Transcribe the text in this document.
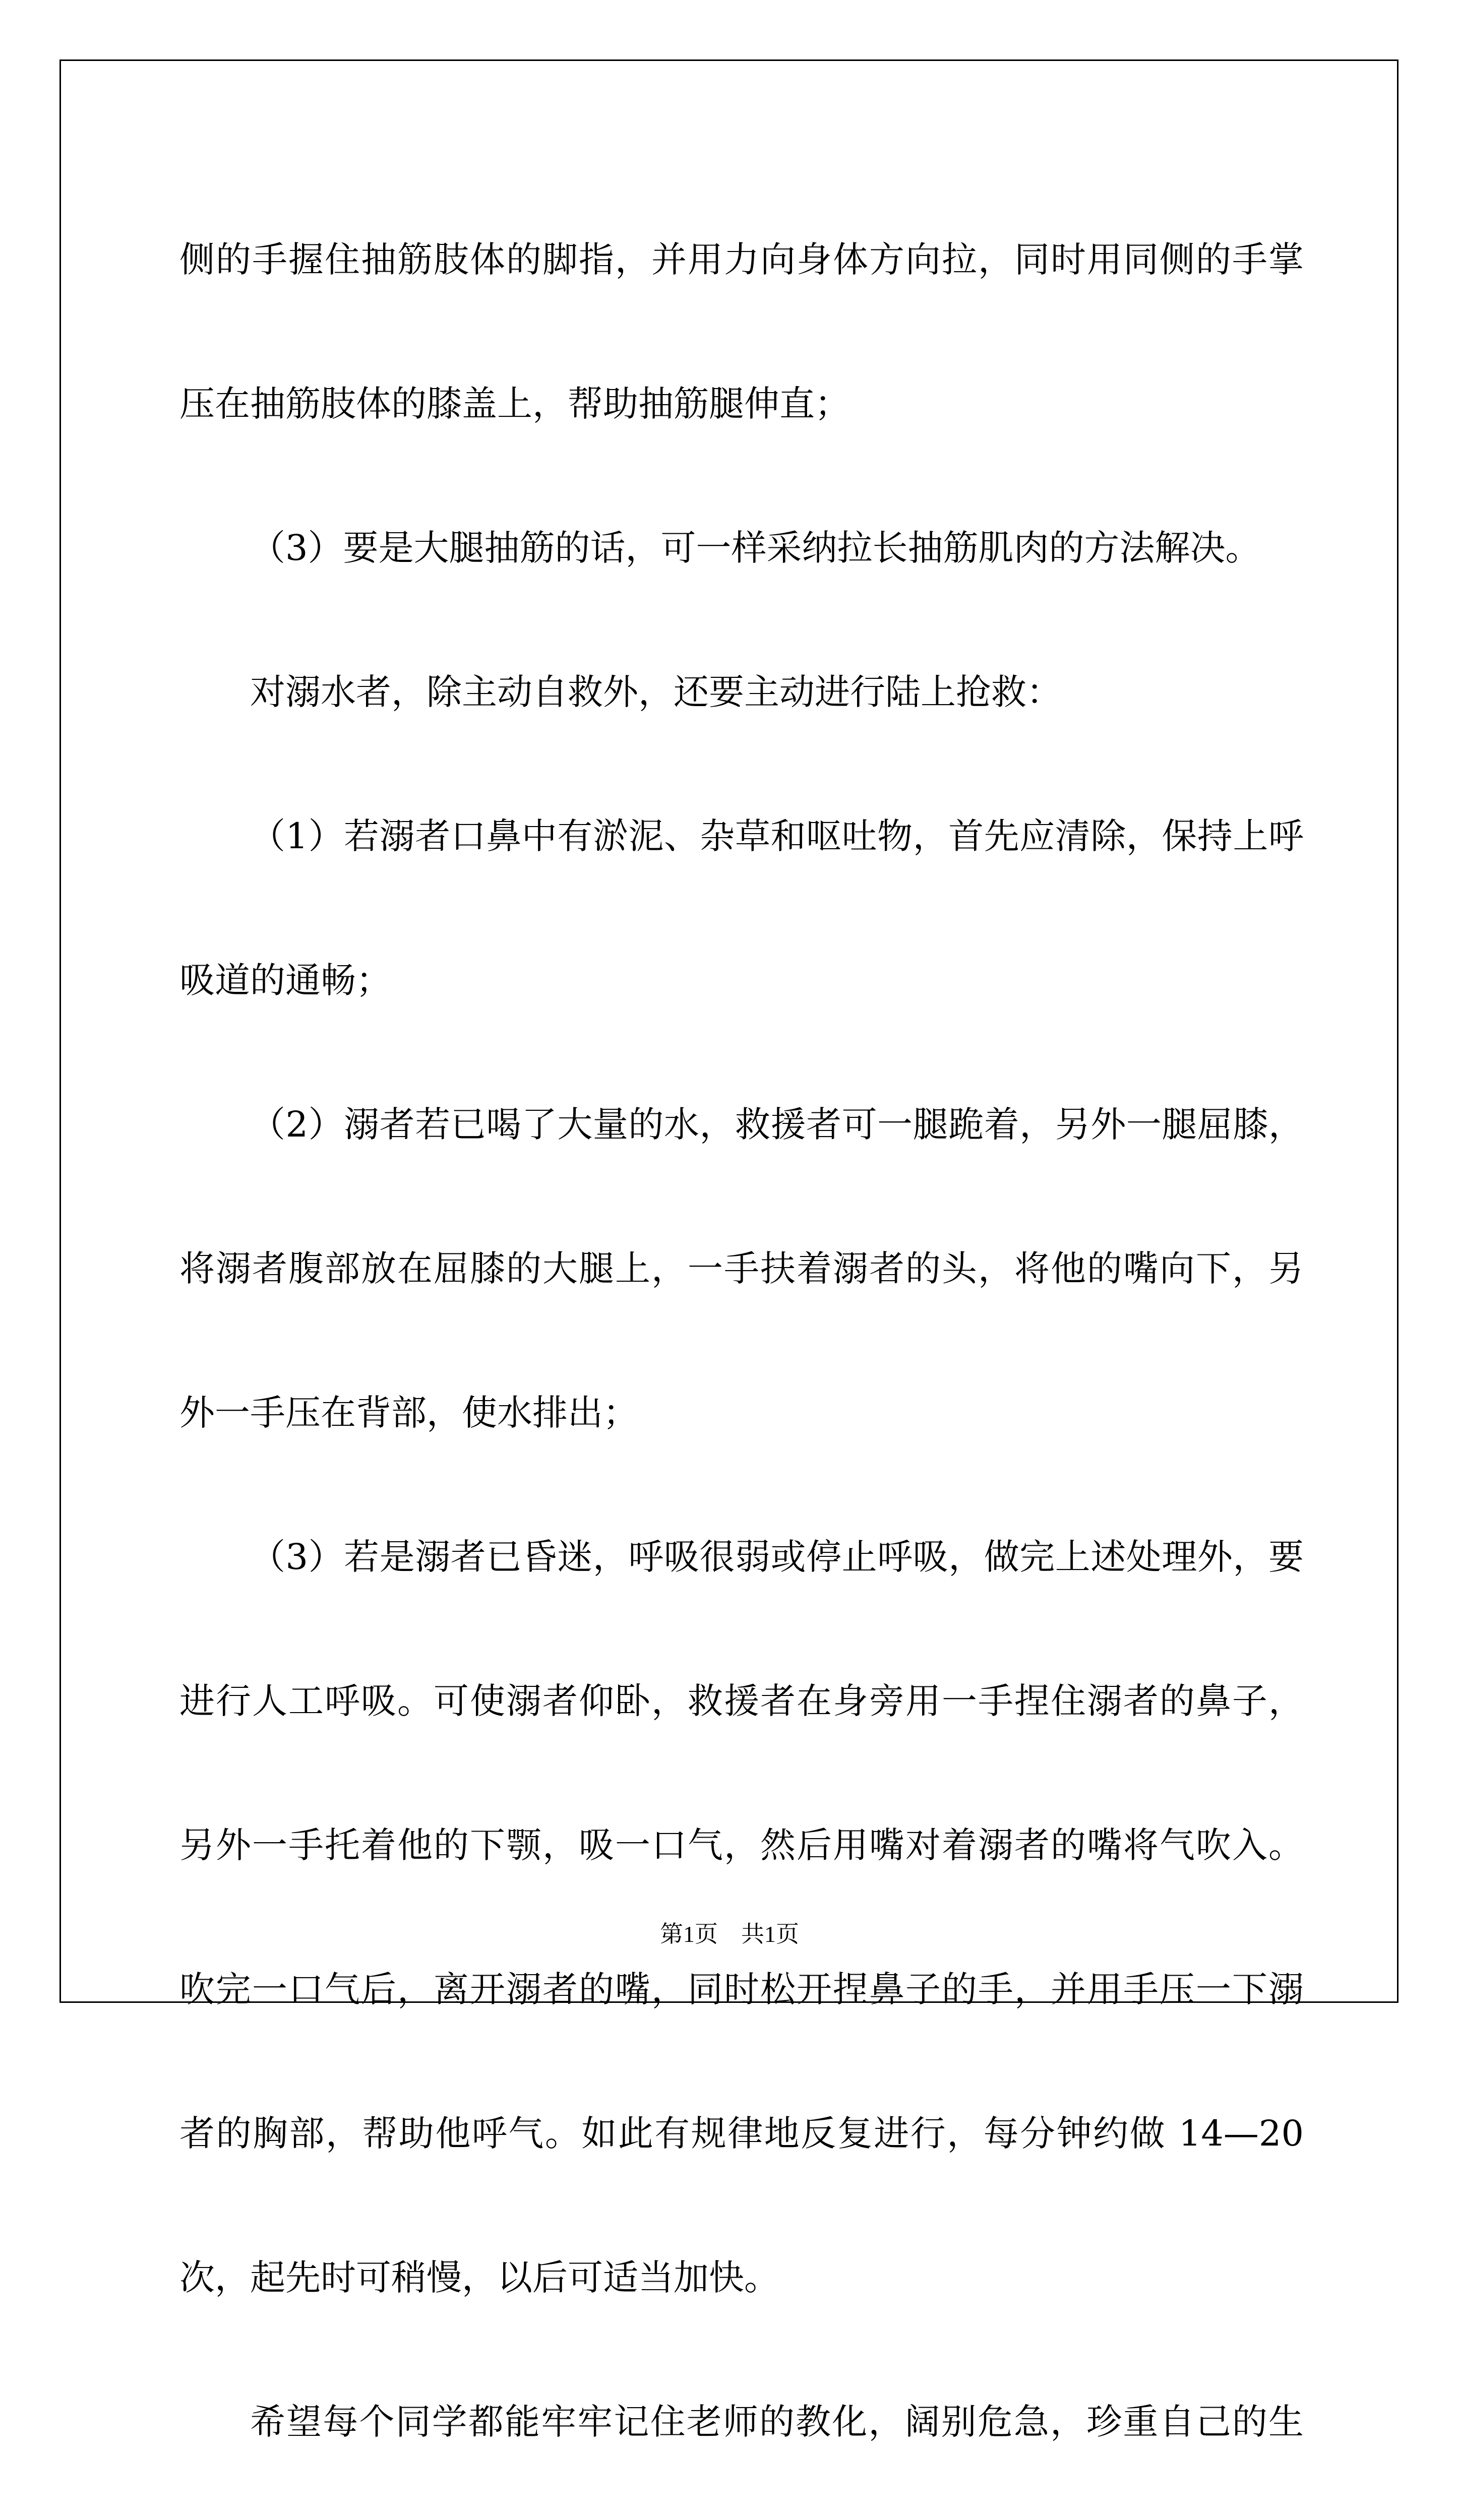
侧的手握住抽筋肢体的脚指，并用力向身体方向拉，同时用同侧的手掌压在抽筋肢体的膝盖上，帮助抽筋腿伸直；

（3）要是大腿抽筋的话，可一样采纳拉长抽筋肌肉的方法解决。

对溺水者，除主动自救外，还要主动进行陆上抢救：

（1）若溺者口鼻中有淤泥、杂草和呕吐物，首先应清除，保持上呼吸道的通畅；

（2）溺者若已喝了大量的水，救援者可一腿跪着，另外一腿屈膝，将溺者腹部放在屈膝的大腿上，一手扶着溺者的头，将他的嘴向下，另外一手压在背部，使水排出；

（3）若是溺者已昏迷，呼吸很弱或停止呼吸，做完上述处理外，要进行人工呼吸。可使溺者仰卧，救援者在身旁用一手捏住溺者的鼻子，另外一手托着他的下颚，吸一口气，然后用嘴对着溺者的嘴将气吹入。吹完一口气后，离开溺者的嘴，同时松开捏鼻子的手，并用手压一下溺者的胸部，帮助他呼气。如此有规律地反复进行，每分钟约做 14—20 次，起先时可稍慢，以后可适当加快。

希望每个同学都能牢牢记住老师的教化，阔别危急，珍重自己的生

第1页 共1页
